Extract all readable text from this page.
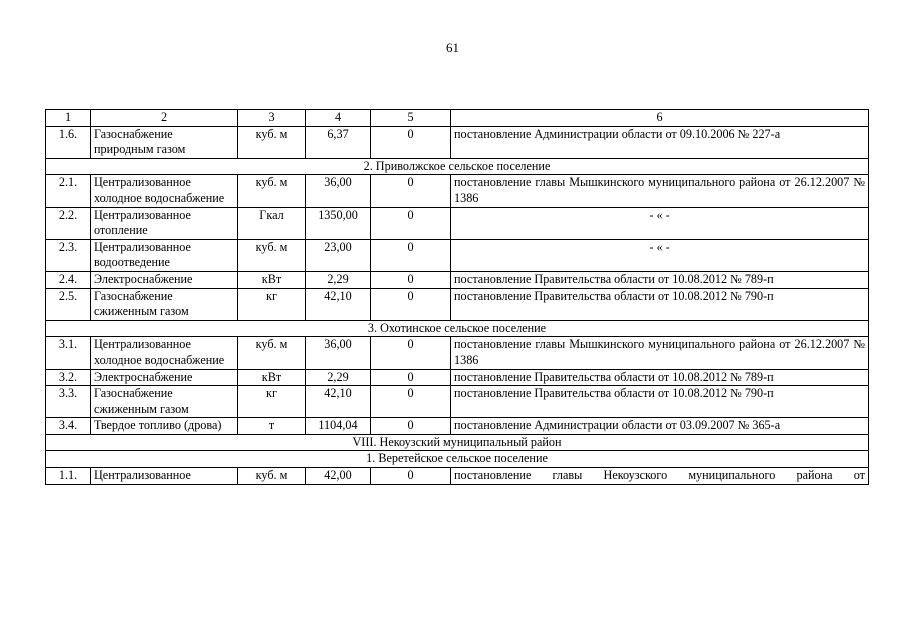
61
1	2	3	4	5	6
1.6.	Газоснабжение природным газом	куб. м	6,37	0	постановление Администрации области от 09.10.2006 № 227-а
2. Приволжское сельское поселение					
2.1.	Централизованное холодное водоснабжение	куб. м	36,00	0	постановление главы Мышкинского муниципального района от 26.12.2007 № 1386
2.2.	Централизованное отопление	Гкал	1350,00	0	- « -
2.3.	Централизованное водоотведение	куб. м	23,00	0	- « -
2.4.	Электроснабжение	кВт	2,29	0	постановление Правительства области от 10.08.2012 № 789-п
2.5.	Газоснабжение сжиженным газом	кг	42,10	0	постановление Правительства области от 10.08.2012 № 790-п
3. Охотинское сельское поселение					
3.1.	Централизованное холодное водоснабжение	куб. м	36,00	0	постановление главы Мышкинского муниципального района от 26.12.2007 № 1386
3.2.	Электроснабжение	кВт	2,29	0	постановление Правительства области от 10.08.2012 № 789-п
3.3.	Газоснабжение сжиженным газом	кг	42,10	0	постановление Правительства области от 10.08.2012 № 790-п
3.4.	Твердое топливо (дрова)	т	1104,04	0	постановление Администрации области от 03.09.2007 № 365-а
VIII. Некоузский муниципальный район					
1. Веретейское сельское поселение					
1.1.	Централизованное	куб. м	42,00	0	постановление главы Некоузского муниципального района от
